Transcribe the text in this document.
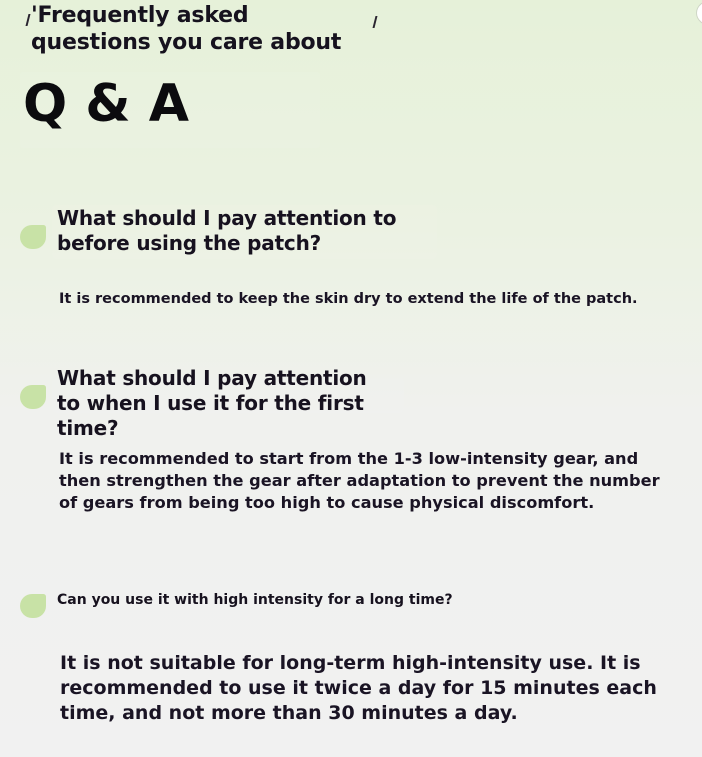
'Frequently asked questions you care about
Q & A
What should I pay attention to before using the patch?

It is recommended to keep the skin dry to extend the life of the patch.

What should I pay attention to when I use it for the first time?

It is recommended to start from the 1-3 low-intensity gear, and then strengthen the gear after adaptation to prevent the number of gears from being too high to cause physical discomfort.

Can you use it with high intensity for a long time?

It is not suitable for long-term high-intensity use. It is recommended to use it twice a day for 15 minutes each time, and not more than 30 minutes a day.
